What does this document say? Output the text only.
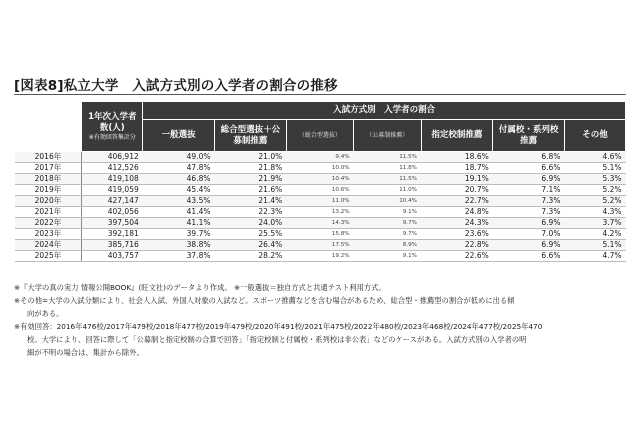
[図表8]私立大学　入試方式別の入学者の割合の推移

	1年次入学者数(人)
※有効回答集計分	入試方式別　入学者の割合						
		一般選抜	総合型選抜＋公募制推薦	（総合型選抜）	（公募制推薦）	指定校制推薦	付属校・系列校推薦	その他
2016年	406,912	49.0%	21.0%	9.4%	11.5%	18.6%	6.8%	4.6%
2017年	412,526	47.8%	21.8%	10.0%	11.8%	18.7%	6.6%	5.1%
2018年	419,108	46.8%	21.9%	10.4%	11.5%	19.1%	6.9%	5.3%
2019年	419,059	45.4%	21.6%	10.6%	11.0%	20.7%	7.1%	5.2%
2020年	427,147	43.5%	21.4%	11.0%	10.4%	22.7%	7.3%	5.2%
2021年	402,056	41.4%	22.3%	13.2%	9.1%	24.8%	7.3%	4.3%
2022年	397,504	41.1%	24.0%	14.3%	9.7%	24.3%	6.9%	3.7%
2023年	392,181	39.7%	25.5%	15.8%	9.7%	23.6%	7.0%	4.2%
2024年	385,716	38.8%	26.4%	17.5%	8.9%	22.8%	6.9%	5.1%
2025年	403,757	37.8%	28.2%	19.2%	9.1%	22.6%	6.6%	4.7%

※『大学の真の実力 情報公開BOOK』(旺文社)のデータより作成。 ※一般選抜＝独自方式と共通テスト利用方式。

※その他=大学の入試分類により、社会人入試、外国人対象の入試など。スポーツ推薦などを含む場合があるため、総合型・推薦型の割合が低めに出る傾

向がある。

※有効回答：2016年476校/2017年479校/2018年477校/2019年479校/2020年491校/2021年475校/2022年480校/2023年468校/2024年477校/2025年470

校。大学により、回答に際して「公募制と指定校制の合算で回答」「指定校制と付属校・系列校は非公表」などのケースがある。入試方式別の入学者の明

細が不明の場合は、集計から除外。
